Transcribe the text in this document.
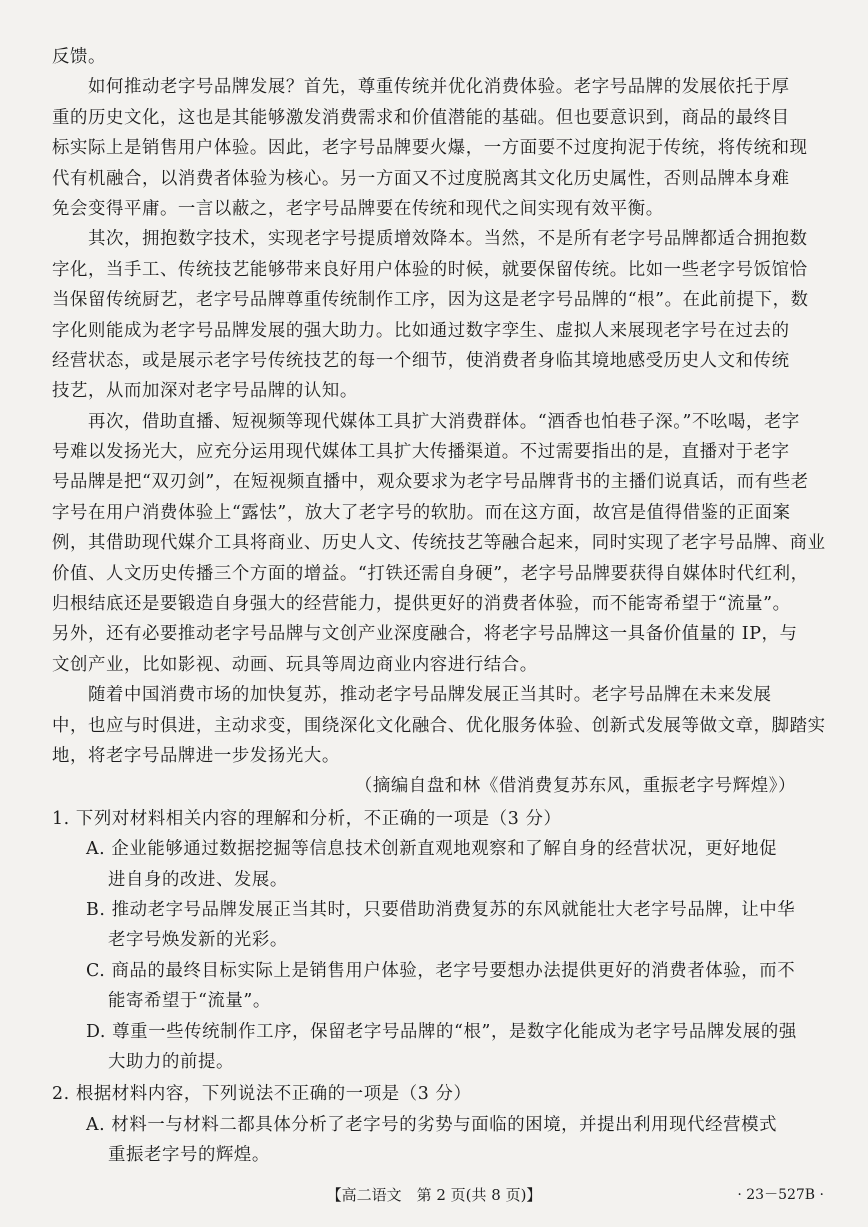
反馈。
如何推动老字号品牌发展？首先，尊重传统并优化消费体验。老字号品牌的发展依托于厚
重的历史文化，这也是其能够激发消费需求和价值潜能的基础。但也要意识到，商品的最终目
标实际上是销售用户体验。因此，老字号品牌要火爆，一方面要不过度拘泥于传统，将传统和现
代有机融合，以消费者体验为核心。另一方面又不过度脱离其文化历史属性，否则品牌本身难
免会变得平庸。一言以蔽之，老字号品牌要在传统和现代之间实现有效平衡。
其次，拥抱数字技术，实现老字号提质增效降本。当然，不是所有老字号品牌都适合拥抱数
字化，当手工、传统技艺能够带来良好用户体验的时候，就要保留传统。比如一些老字号饭馆恰
当保留传统厨艺，老字号品牌尊重传统制作工序，因为这是老字号品牌的“根”。在此前提下，数
字化则能成为老字号品牌发展的强大助力。比如通过数字孪生、虚拟人来展现老字号在过去的
经营状态，或是展示老字号传统技艺的每一个细节，使消费者身临其境地感受历史人文和传统
技艺，从而加深对老字号品牌的认知。
再次，借助直播、短视频等现代媒体工具扩大消费群体。“酒香也怕巷子深。”不吆喝，老字
号难以发扬光大，应充分运用现代媒体工具扩大传播渠道。不过需要指出的是，直播对于老字
号品牌是把“双刃剑”，在短视频直播中，观众要求为老字号品牌背书的主播们说真话，而有些老
字号在用户消费体验上“露怯”，放大了老字号的软肋。而在这方面，故宫是值得借鉴的正面案
例，其借助现代媒介工具将商业、历史人文、传统技艺等融合起来，同时实现了老字号品牌、商业
价值、人文历史传播三个方面的增益。“打铁还需自身硬”，老字号品牌要获得自媒体时代红利，
归根结底还是要锻造自身强大的经营能力，提供更好的消费者体验，而不能寄希望于“流量”。
另外，还有必要推动老字号品牌与文创产业深度融合，将老字号品牌这一具备价值量的 IP，与
文创产业，比如影视、动画、玩具等周边商业内容进行结合。
随着中国消费市场的加快复苏，推动老字号品牌发展正当其时。老字号品牌在未来发展
中，也应与时俱进，主动求变，围绕深化文化融合、优化服务体验、创新式发展等做文章，脚踏实
地，将老字号品牌进一步发扬光大。
（摘编自盘和林《借消费复苏东风，重振老字号辉煌》）
1. 下列对材料相关内容的理解和分析，不正确的一项是（3 分）
A. 企业能够通过数据挖掘等信息技术创新直观地观察和了解自身的经营状况，更好地促
进自身的改进、发展。
B. 推动老字号品牌发展正当其时，只要借助消费复苏的东风就能壮大老字号品牌，让中华
老字号焕发新的光彩。
C. 商品的最终目标实际上是销售用户体验，老字号要想办法提供更好的消费者体验，而不
能寄希望于“流量”。
D. 尊重一些传统制作工序，保留老字号品牌的“根”，是数字化能成为老字号品牌发展的强
大助力的前提。
2. 根据材料内容，下列说法不正确的一项是（3 分）
A. 材料一与材料二都具体分析了老字号的劣势与面临的困境，并提出利用现代经营模式
重振老字号的辉煌。
【高二语文　第 2 页(共 8 页)】	· 23－527B ·
